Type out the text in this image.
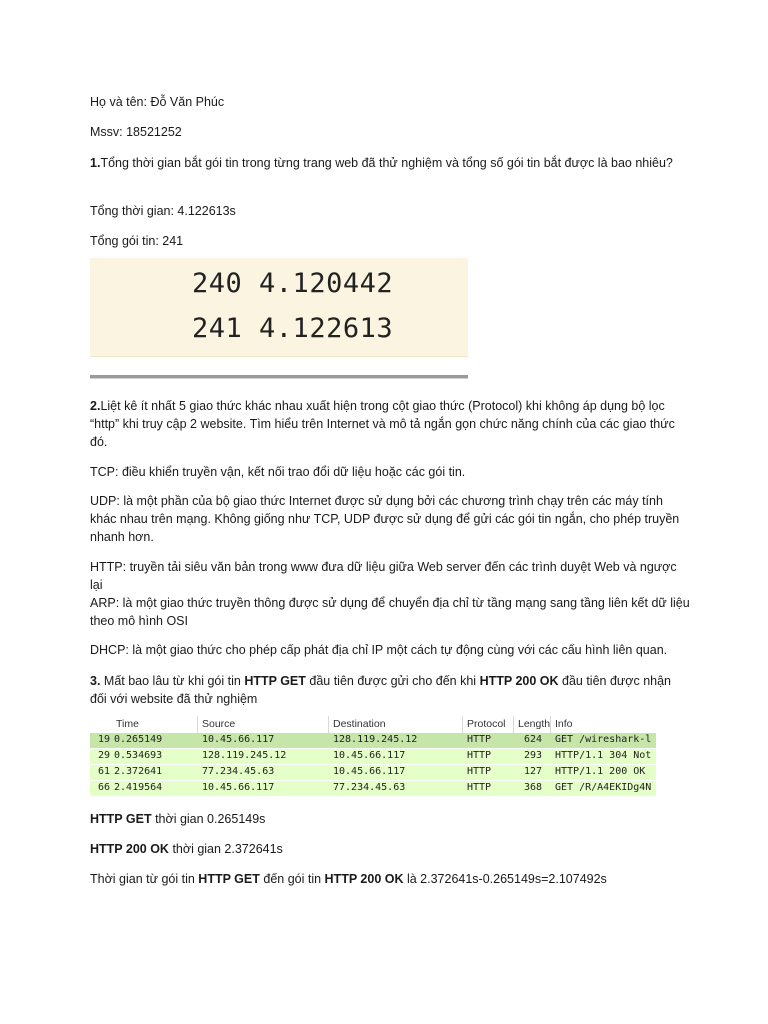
Họ và tên: Đỗ Văn Phúc

Mssv: 18521252

1.Tổng thời gian bắt gói tin trong từng trang web đã thử nghiệm và tổng số gói tin bắt được là bao nhiêu?

Tổng thời gian: 4.122613s

Tổng gói tin: 241

240 4.120442
241 4.122613

2.Liệt kê ít nhất 5 giao thức khác nhau xuất hiện trong cột giao thức (Protocol) khi không áp dụng bộ lọc “http” khi truy cập 2 website. Tìm hiểu trên Internet và mô tả ngắn gọn chức năng chính của các giao thức đó.

TCP: điều khiển truyền vận, kết nối trao đổi dữ liệu hoặc các gói tin.

UDP: là một phần của bộ giao thức Internet được sử dụng bởi các chương trình chạy trên các máy tính khác nhau trên mạng. Không giống như TCP, UDP được sử dụng để gửi các gói tin ngắn, cho phép truyền nhanh hơn.

HTTP: truyền tải siêu văn bản trong www đưa dữ liệu giữa Web server đến các trình duyệt Web và ngược lại

ARP: là một giao thức truyền thông được sử dụng để chuyển địa chỉ từ tầng mạng sang tầng liên kết dữ liệu theo mô hình OSI

DHCP: là một giao thức cho phép cấp phát địa chỉ IP một cách tự động cùng với các cấu hình liên quan.

3. Mất bao lâu từ khi gói tin HTTP GET đầu tiên được gửi cho đến khi HTTP 200 OK đầu tiên được nhận đối với website đã thử nghiệm

Time	Source	Destination	Protocol Length Info
19 0.265149	10.45.66.117	128.119.245.12	HTTP	624 GET /wireshark-l
29 0.534693	128.119.245.12	10.45.66.117	HTTP	293 HTTP/1.1 304 Not
61 2.372641	77.234.45.63	10.45.66.117	HTTP	127 HTTP/1.1 200 OK
66 2.419564	10.45.66.117	77.234.45.63	HTTP	368 GET /R/A4EKIDg4N

HTTP GET thời gian 0.265149s

HTTP 200 OK thời gian 2.372641s

Thời gian từ gói tin HTTP GET đến gói tin HTTP 200 OK là 2.372641s-0.265149s=2.107492s
